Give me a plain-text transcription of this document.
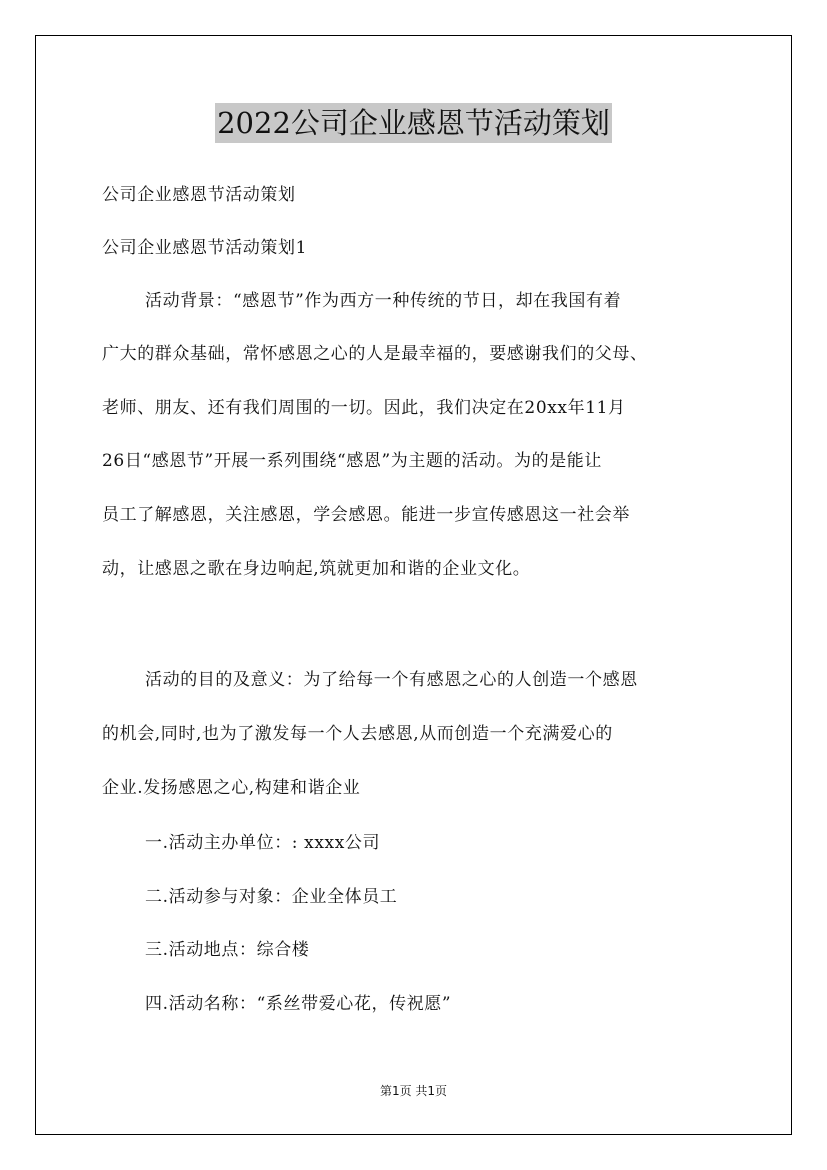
2022公司企业感恩节活动策划
公司企业感恩节活动策划
公司企业感恩节活动策划1
活动背景：“感恩节”作为西方一种传统的节日，却在我国有着
广大的群众基础，常怀感恩之心的人是最幸福的，要感谢我们的父母、
老师、朋友、还有我们周围的一切。因此，我们决定在20xx年11月
26日“感恩节”开展一系列围绕“感恩”为主题的活动。为的是能让
员工了解感恩，关注感恩，学会感恩。能进一步宣传感恩这一社会举
动，让感恩之歌在身边响起,筑就更加和谐的企业文化。
活动的目的及意义：为了给每一个有感恩之心的人创造一个感恩
的机会,同时,也为了激发每一个人去感恩,从而创造一个充满爱心的
企业.发扬感恩之心,构建和谐企业
一.活动主办单位：: xxxx公司
二.活动参与对象：企业全体员工
三.活动地点：综合楼
四.活动名称：“系丝带爱心花，传祝愿”
第1页 共1页
